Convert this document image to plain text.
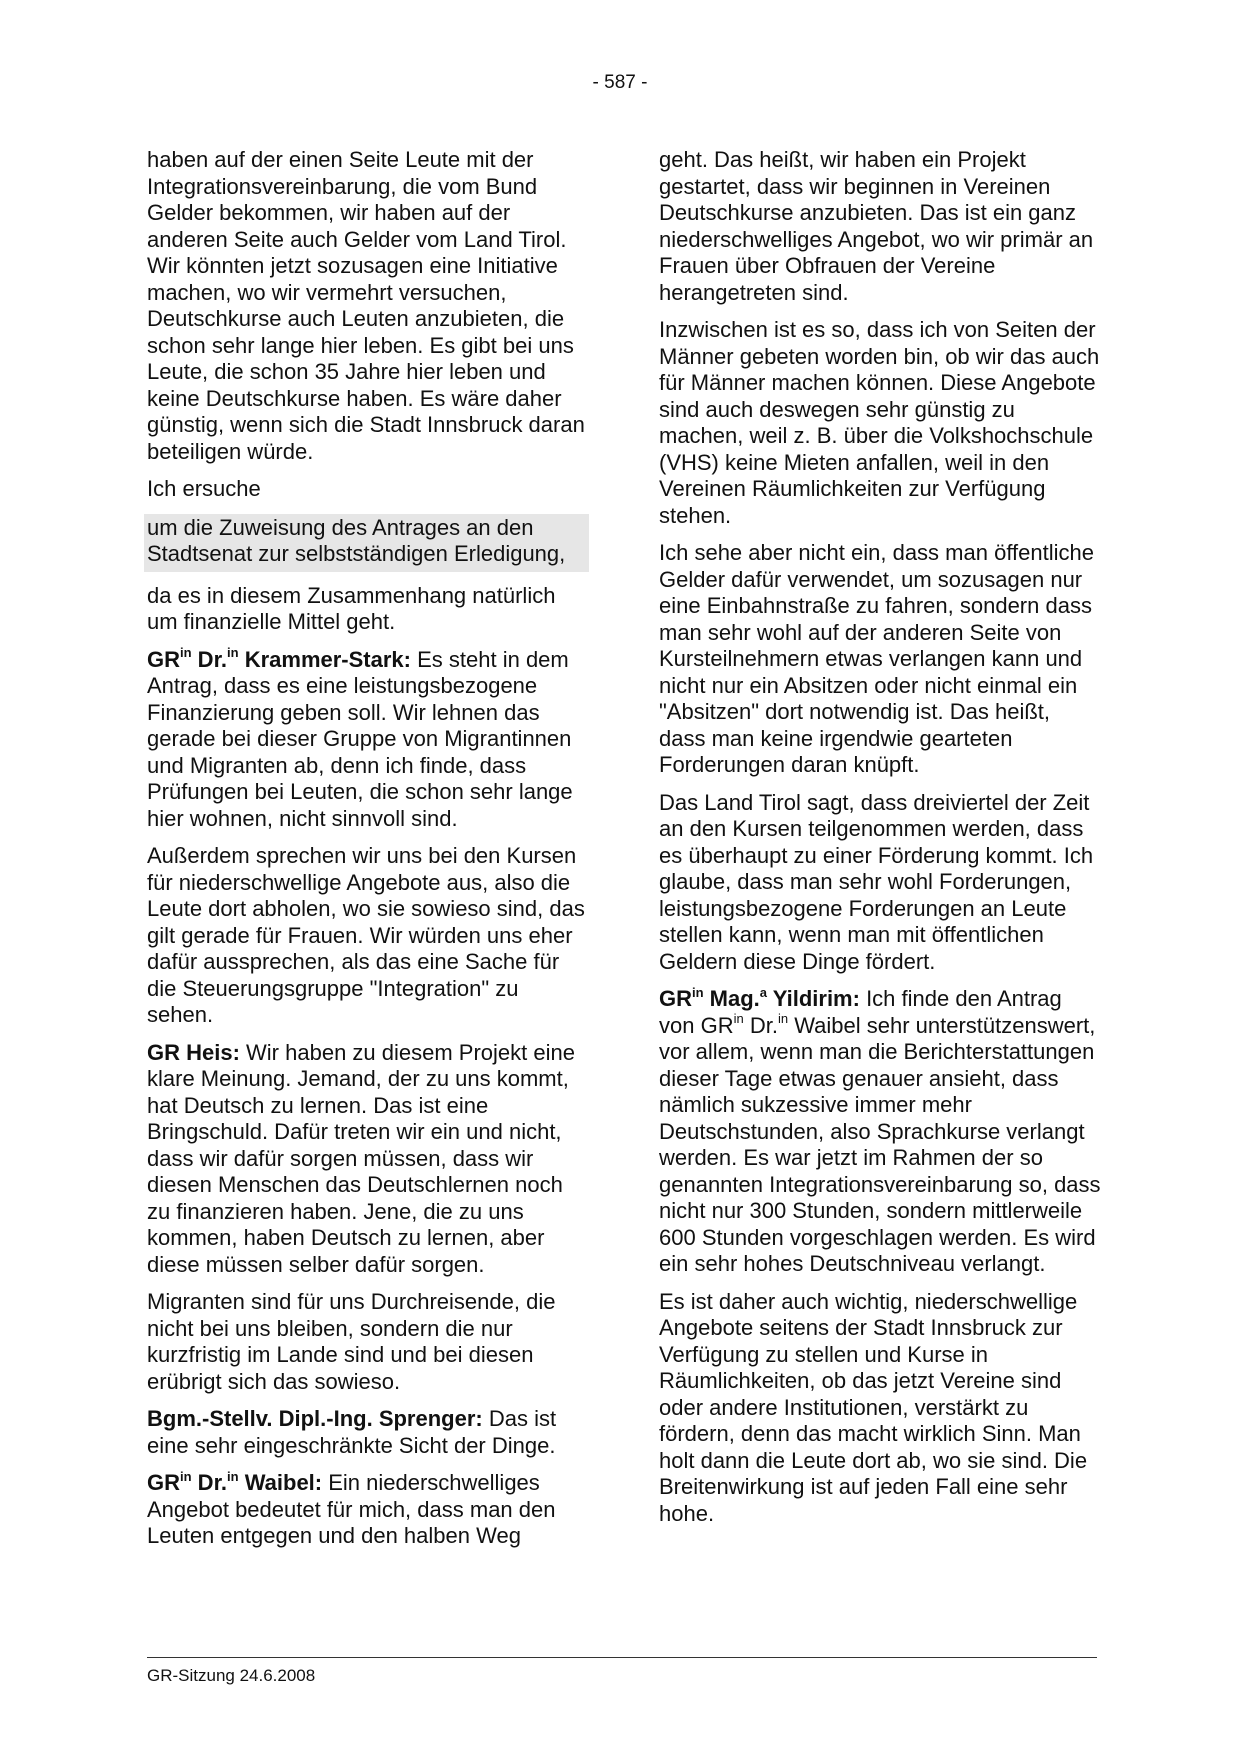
- 587 -

haben auf der einen Seite Leute mit der Integrationsvereinbarung, die vom Bund Gelder bekommen, wir haben auf der anderen Seite auch Gelder vom Land Tirol. Wir könnten jetzt sozusagen eine Initiative machen, wo wir vermehrt versuchen, Deutschkurse auch Leuten anzubieten, die schon sehr lange hier leben. Es gibt bei uns Leute, die schon 35 Jahre hier leben und keine Deutschkurse haben. Es wäre daher günstig, wenn sich die Stadt Innsbruck daran beteiligen würde.

Ich ersuche

um die Zuweisung des Antrages an den Stadtsenat zur selbstständigen Erledigung,

da es in diesem Zusammenhang natürlich um finanzielle Mittel geht.

$GR^{in}$ Dr.$^{in}$ Krammer-Stark: Es steht in dem Antrag, dass es eine leistungsbezogene Finanzierung geben soll. Wir lehnen das gerade bei dieser Gruppe von Migrantinnen und Migranten ab, denn ich finde, dass Prüfungen bei Leuten, die schon sehr lange hier wohnen, nicht sinnvoll sind.

Außerdem sprechen wir uns bei den Kursen für niederschwellige Angebote aus, also die Leute dort abholen, wo sie sowieso sind, das gilt gerade für Frauen. Wir würden uns eher dafür aussprechen, als das eine Sache für die Steuerungsgruppe "Integration" zu sehen.

GR Heis: Wir haben zu diesem Projekt eine klare Meinung. Jemand, der zu uns kommt, hat Deutsch zu lernen. Das ist eine Bringschuld. Dafür treten wir ein und nicht, dass wir dafür sorgen müssen, dass wir diesen Menschen das Deutschlernen noch zu finanzieren haben. Jene, die zu uns kommen, haben Deutsch zu lernen, aber diese müssen selber dafür sorgen.

Migranten sind für uns Durchreisende, die nicht bei uns bleiben, sondern die nur kurzfristig im Lande sind und bei diesen erübrigt sich das sowieso.

Bgm.-Stellv. Dipl.-Ing. Sprenger: Das ist eine sehr eingeschränkte Sicht der Dinge.

$GR^{in}$ Dr.$^{in}$ Waibel: Ein niederschwelliges Angebot bedeutet für mich, dass man den Leuten entgegen und den halben Weg

geht. Das heißt, wir haben ein Projekt gestartet, dass wir beginnen in Vereinen Deutschkurse anzubieten. Das ist ein ganz niederschwelliges Angebot, wo wir primär an Frauen über Obfrauen der Vereine herangetreten sind.

Inzwischen ist es so, dass ich von Seiten der Männer gebeten worden bin, ob wir das auch für Männer machen können. Diese Angebote sind auch deswegen sehr günstig zu machen, weil z. B. über die Volkshochschule (VHS) keine Mieten anfallen, weil in den Vereinen Räumlichkeiten zur Verfügung stehen.

Ich sehe aber nicht ein, dass man öffentliche Gelder dafür verwendet, um sozusagen nur eine Einbahnstraße zu fahren, sondern dass man sehr wohl auf der anderen Seite von Kursteilnehmern etwas verlangen kann und nicht nur ein Absitzen oder nicht einmal ein "Absitzen" dort notwendig ist. Das heißt, dass man keine irgendwie gearteten Forderungen daran knüpft.

Das Land Tirol sagt, dass dreiviertel der Zeit an den Kursen teilgenommen werden, dass es überhaupt zu einer Förderung kommt. Ich glaube, dass man sehr wohl Forderungen, leistungsbezogene Forderungen an Leute stellen kann, wenn man mit öffentlichen Geldern diese Dinge fördert.

$GR^{in}$ Mag.$^a$ Yildirim: Ich finde den Antrag von $GR^{in}$ Dr.$^{in}$ Waibel sehr unterstützenswert, vor allem, wenn man die Berichterstattungen dieser Tage etwas genauer ansieht, dass nämlich sukzessive immer mehr Deutschstunden, also Sprachkurse verlangt werden. Es war jetzt im Rahmen der so genannten Integrationsvereinbarung so, dass nicht nur 300 Stunden, sondern mittlerweile 600 Stunden vorgeschlagen werden. Es wird ein sehr hohes Deutschniveau verlangt.

Es ist daher auch wichtig, niederschwellige Angebote seitens der Stadt Innsbruck zur Verfügung zu stellen und Kurse in Räumlichkeiten, ob das jetzt Vereine sind oder andere Institutionen, verstärkt zu fördern, denn das macht wirklich Sinn. Man holt dann die Leute dort ab, wo sie sind. Die Breitenwirkung ist auf jeden Fall eine sehr hohe.

GR-Sitzung 24.6.2008
